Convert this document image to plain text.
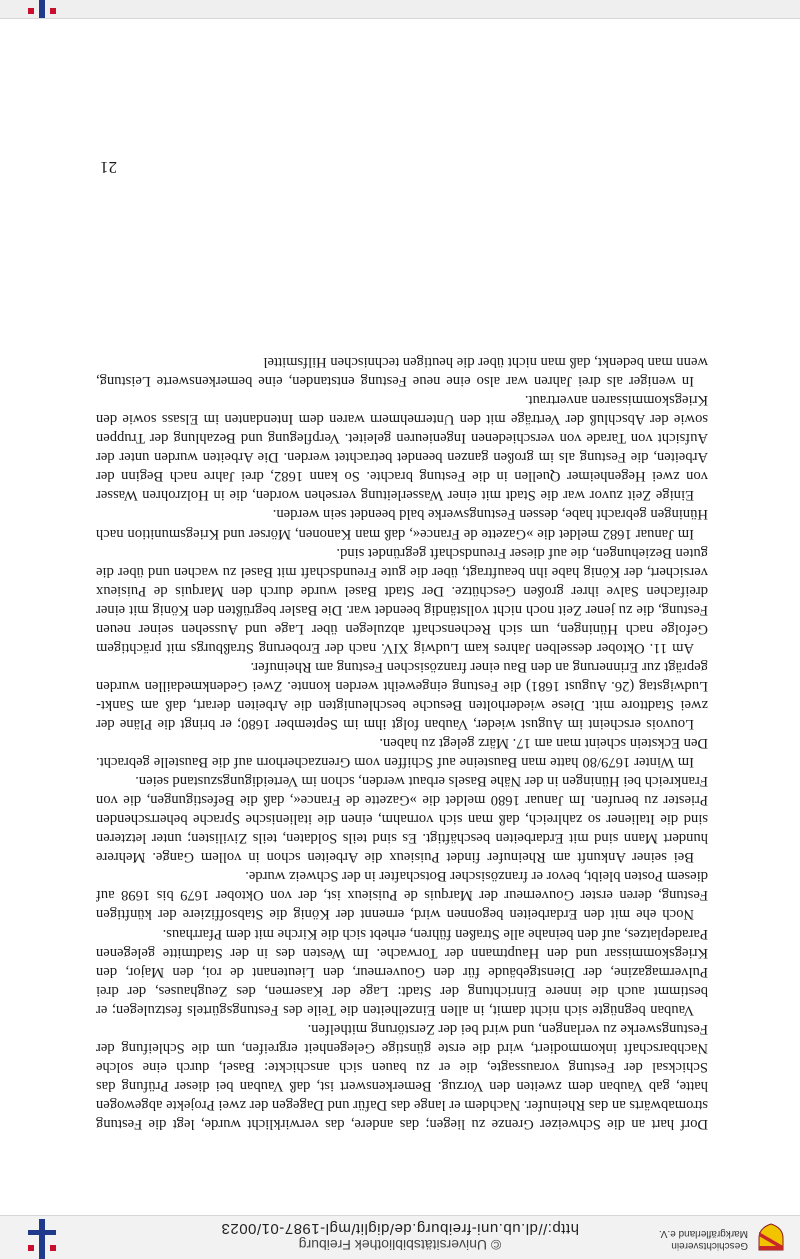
Geschichtsverein
Markgräflerland e.V.
© Universitätsbibliothek Freiburg
http://dl.ub.uni-freiburg.de/diglit/mgl-1987-01/0023

Dorf hart an die Schweizer Grenze zu liegen; das andere, das verwirklicht wurde, legt die Festung stromabwärts an das Rheinufer. Nachdem er lange das Dafür und Dagegen der zwei Projekte abgewogen hatte, gab Vauban dem zweiten den Vorzug. Bemerkenswert ist, daß Vauban bei dieser Prüfung das Schicksal der Festung voraussagte, die er zu bauen sich anschickte: Basel, durch eine solche Nachbarschaft inkommodiert, wird die erste günstige Gelegenheit ergreifen, um die Schleifung der Festungswerke zu verlangen, und wird bei der Zerstörung mithelfen.

Vauban begnügte sich nicht damit, in allen Einzelheiten die Teile des Festungsgürtels festzulegen; er bestimmt auch die innere Einrichtung der Stadt: Lage der Kasernen, des Zeughauses, der drei Pulvermagazine, der Dienstgebäude für den Gouverneur, den Lieutenant de roi, den Major, den Kriegskommissar und den Hauptmann der Torwache. Im Westen des in der Stadtmitte gelegenen Paradeplatzes, auf den beinahe alle Straßen führen, erhebt sich die Kirche mit dem Pfarrhaus.

Noch ehe mit den Erdarbeiten begonnen wird, ernennt der König die Stabsoffiziere der künftigen Festung, deren erster Gouverneur der Marquis de Puisieux ist, der von Oktober 1679 bis 1698 auf diesem Posten bleibt, bevor er französischer Botschafter in der Schweiz wurde.

Bei seiner Ankunft am Rheinufer findet Puisieux die Arbeiten schon in vollem Gange. Mehrere hundert Mann sind mit Erdarbeiten beschäftigt. Es sind teils Soldaten, teils Zivilisten; unter letzteren sind die Italiener so zahlreich, daß man sich vornahm, einen die italienische Sprache beherrschenden Priester zu berufen. Im Januar 1680 meldet die »Gazette de France«, daß die Befestigungen, die von Frankreich bei Hüningen in der Nähe Basels erbaut werden, schon im Verteidigungszustand seien.

Im Winter 1679/80 hatte man Bausteine auf Schiffen vom Grenzacherhorn auf die Baustelle gebracht. Den Eckstein scheint man am 17. März gelegt zu haben.

Louvois erscheint im August wieder, Vauban folgt ihm im September 1680; er bringt die Pläne der zwei Stadttore mit. Diese wiederholten Besuche beschleunigten die Arbeiten derart, daß am Sankt-Ludwigstag (26. August 1681) die Festung eingeweiht werden konnte. Zwei Gedenkmedaillen wurden geprägt zur Erinnerung an den Bau einer französischen Festung am Rheinufer.

Am 11. Oktober desselben Jahres kam Ludwig XIV. nach der Eroberung Straßburgs mit prächtigem Gefolge nach Hüningen, um sich Rechenschaft abzulegen über Lage und Aussehen seiner neuen Festung, die zu jener Zeit noch nicht vollständig beendet war. Die Basler begrüßten den König mit einer dreifachen Salve ihrer großen Geschütze. Der Stadt Basel wurde durch den Marquis de Puisieux versichert, der König habe ihn beauftragt, über die gute Freundschaft mit Basel zu wachen und über die guten Beziehungen, die auf dieser Freundschaft gegründet sind.

Im Januar 1682 meldet die »Gazette de France«, daß man Kanonen, Mörser und Kriegsmunition nach Hüningen gebracht habe, dessen Festungswerke bald beendet sein werden.

Einige Zeit zuvor war die Stadt mit einer Wasserleitung versehen worden, die in Holzrohren Wasser von zwei Hegenheimer Quellen in die Festung brachte. So kann 1682, drei Jahre nach Beginn der Arbeiten, die Festung als im großen ganzen beendet betrachtet werden. Die Arbeiten wurden unter der Aufsicht von Tarade von verschiedenen Ingenieuren geleitet. Verpflegung und Bezahlung der Truppen sowie der Abschluß der Verträge mit den Unternehmern waren dem Intendanten im Elsass sowie den Kriegskommissaren anvertraut.

In weniger als drei Jahren war also eine neue Festung entstanden, eine bemerkenswerte Leistung, wenn man bedenkt, daß man nicht über die heutigen technischen Hilfsmittel

21
